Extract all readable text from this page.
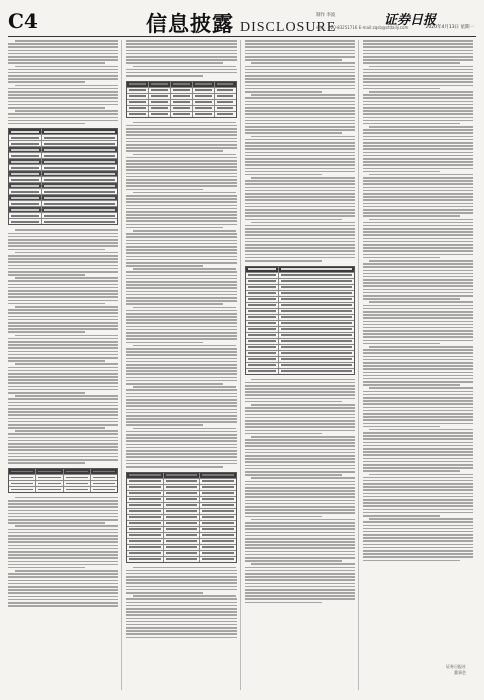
C4	信息披露 DISCLOSURE
制作 李波
电话：010-83251716 E-mail:zqsb@stdaily.com
证券日报
2020年4月13日 星期一
证券日报社
董事会
